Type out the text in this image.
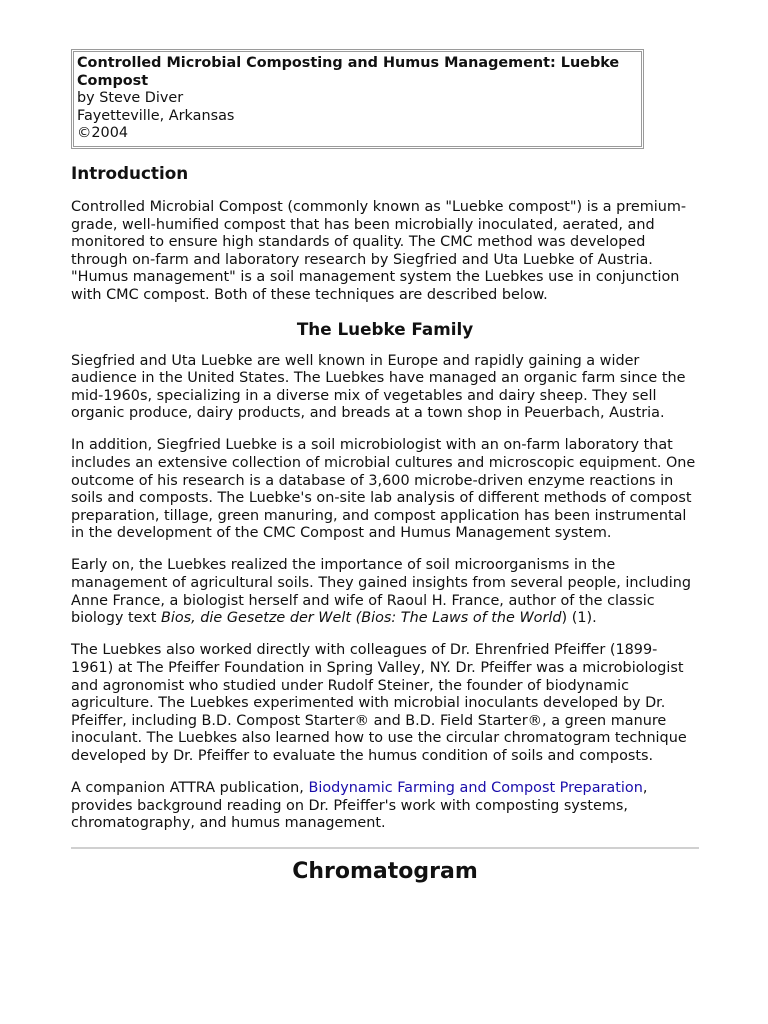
Controlled Microbial Composting and Humus Management: Luebke Compost
by Steve Diver
Fayetteville, Arkansas
©2004
Introduction

Controlled Microbial Compost (commonly known as "Luebke compost") is a premium-grade, well-humified compost that has been microbially inoculated, aerated, and monitored to ensure high standards of quality. The CMC method was developed through on-farm and laboratory research by Siegfried and Uta Luebke of Austria. "Humus management" is a soil management system the Luebkes use in conjunction with CMC compost. Both of these techniques are described below.

The Luebke Family

Siegfried and Uta Luebke are well known in Europe and rapidly gaining a wider audience in the United States. The Luebkes have managed an organic farm since the mid-1960s, specializing in a diverse mix of vegetables and dairy sheep. They sell organic produce, dairy products, and breads at a town shop in Peuerbach, Austria.

In addition, Siegfried Luebke is a soil microbiologist with an on-farm laboratory that includes an extensive collection of microbial cultures and microscopic equipment. One outcome of his research is a database of 3,600 microbe-driven enzyme reactions in soils and composts. The Luebke's on-site lab analysis of different methods of compost preparation, tillage, green manuring, and compost application has been instrumental in the development of the CMC Compost and Humus Management system.

Early on, the Luebkes realized the importance of soil microorganisms in the management of agricultural soils. They gained insights from several people, including Anne France, a biologist herself and wife of Raoul H. France, author of the classic biology text Bios, die Gesetze der Welt (Bios: The Laws of the World) (1).

The Luebkes also worked directly with colleagues of Dr. Ehrenfried Pfeiffer (1899-1961) at The Pfeiffer Foundation in Spring Valley, NY. Dr. Pfeiffer was a microbiologist and agronomist who studied under Rudolf Steiner, the founder of biodynamic agriculture. The Luebkes experimented with microbial inoculants developed by Dr. Pfeiffer, including B.D. Compost Starter® and B.D. Field Starter®, a green manure inoculant. The Luebkes also learned how to use the circular chromatogram technique developed by Dr. Pfeiffer to evaluate the humus condition of soils and composts.

A companion ATTRA publication, Biodynamic Farming and Compost Preparation, provides background reading on Dr. Pfeiffer's work with composting systems, chromatography, and humus management.

Chromatogram
